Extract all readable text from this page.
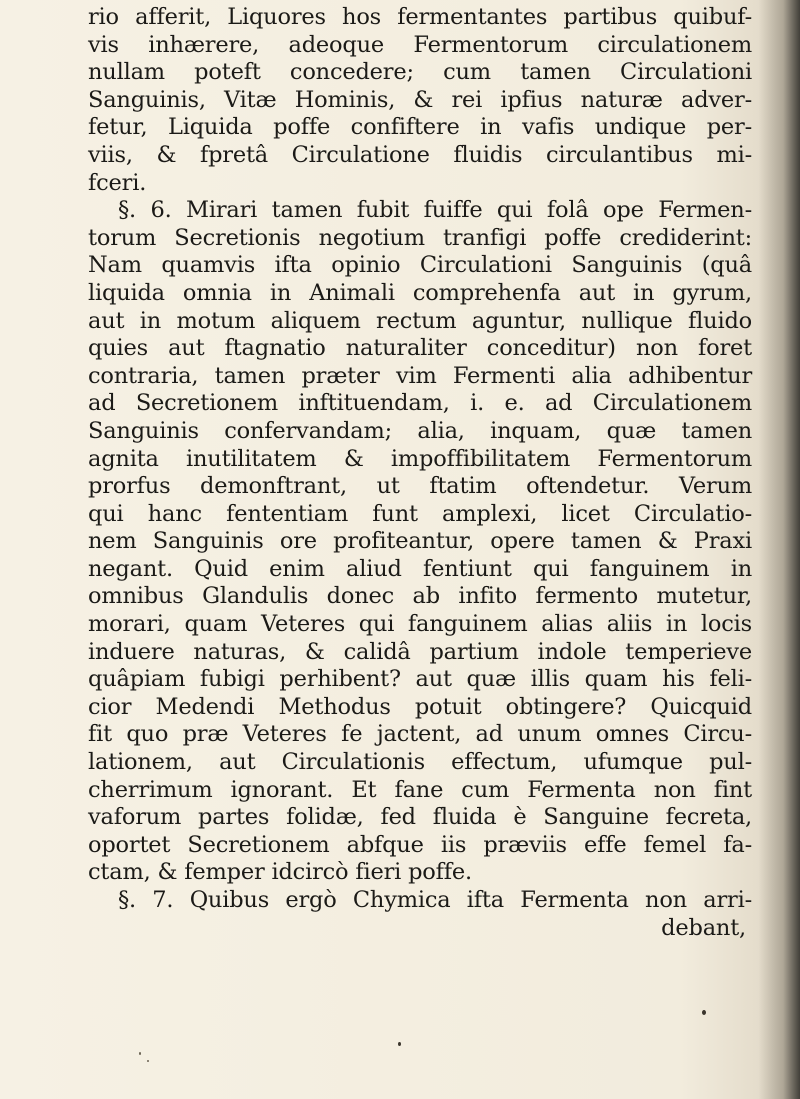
rio afferit, Liquores hos fermentantes partibus quibuf-
vis inhærere, adeoque Fermentorum circulationem
nullam poteft concedere; cum tamen Circulationi
Sanguinis, Vitæ Hominis, & rei ipfius naturæ adver-
fetur, Liquida poffe confiftere in vafis undique per-
viis, & fpretâ Circulatione fluidis circulantibus mi-
fceri.
§. 6. Mirari tamen fubit fuiffe qui folâ ope Fermen-
torum Secretionis negotium tranfigi poffe crediderint:
Nam quamvis ifta opinio Circulationi Sanguinis (quâ
liquida omnia in Animali comprehenfa aut in gyrum,
aut in motum aliquem rectum aguntur, nullique fluido
quies aut ftagnatio naturaliter conceditur) non foret
contraria, tamen præter vim Fermenti alia adhibentur
ad Secretionem inftituendam, i. e. ad Circulationem
Sanguinis confervandam; alia, inquam, quæ tamen
agnita inutilitatem & impoffibilitatem Fermentorum
prorfus demonftrant, ut ftatim oftendetur. Verum
qui hanc fententiam funt amplexi, licet Circulatio-
nem Sanguinis ore profiteantur, opere tamen & Praxi
negant. Quid enim aliud fentiunt qui fanguinem in
omnibus Glandulis donec ab infito fermento mutetur,
morari, quam Veteres qui fanguinem alias aliis in locis
induere naturas, & calidâ partium indole temperieve
quâpiam fubigi perhibent? aut quæ illis quam his feli-
cior Medendi Methodus potuit obtingere? Quicquid
fit quo præ Veteres fe jactent, ad unum omnes Circu-
lationem, aut Circulationis effectum, ufumque pul-
cherrimum ignorant. Et fane cum Fermenta non fint
vaforum partes folidæ, fed fluida è Sanguine fecreta,
oportet Secretionem abfque iis præviis effe femel fa-
ctam, & femper idcircò fieri poffe.
§. 7. Quibus ergò Chymica ifta Fermenta non arri-
debant,
